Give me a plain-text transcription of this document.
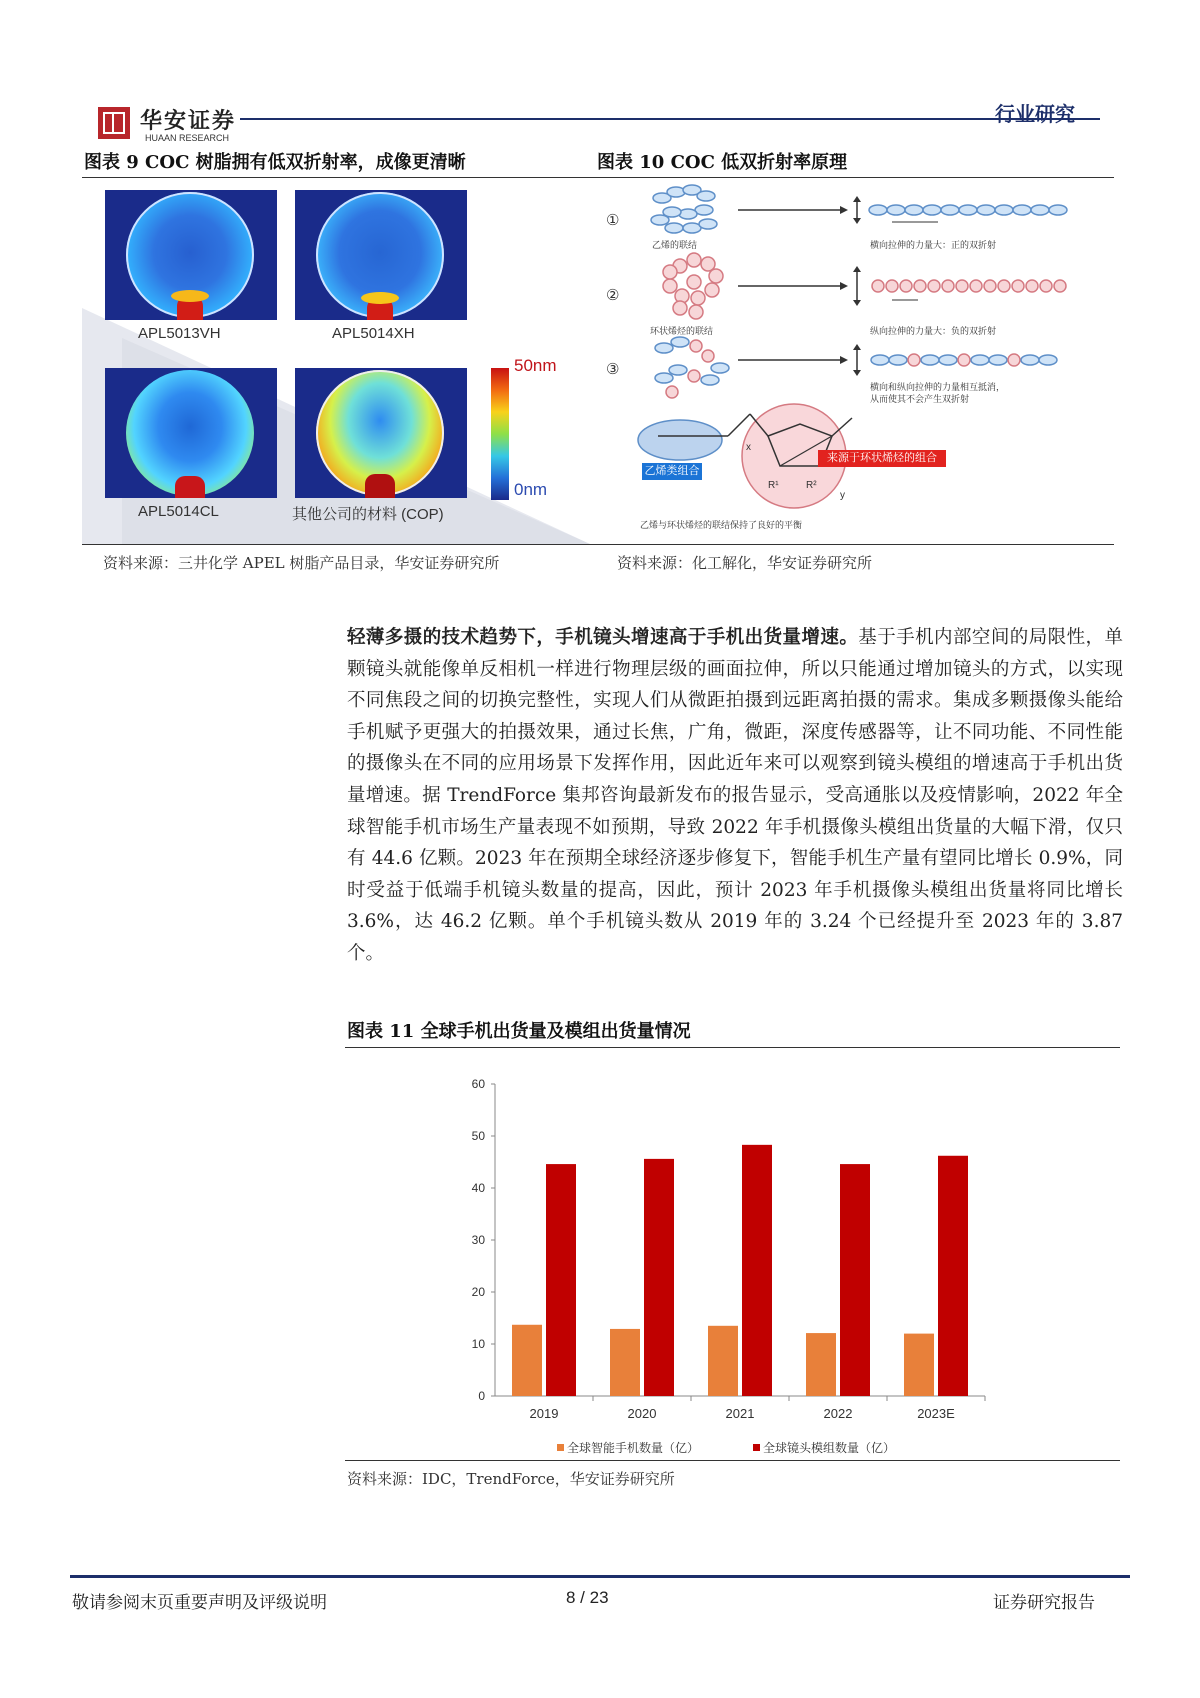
华安证券
HUAAN RESEARCH
行业研究
图表 9 COC 树脂拥有低双折射率，成像更清晰	图表 10 COC 低双折射率原理
APL5013VH	APL5014XH
APL5014CL	其他公司的材料 (COP)
50nm
0nm
x
R¹	R²
y
①
乙烯的联结	横向拉伸的力量大：正的双折射
②
环状烯烃的联结	纵向拉伸的力量大：负的双折射
③
横向和纵向拉伸的力量相互抵消，
从而使其不会产生双折射
乙烯类组合
来源于环状烯烃的组合
乙烯与环状烯烃的联结保持了良好的平衡
资料来源：三井化学 APEL 树脂产品目录，华安证券研究所	资料来源：化工解化，华安证券研究所
轻薄多摄的技术趋势下，手机镜头增速高于手机出货量增速。基于手机内部空间的局限性，单颗镜头就能像单反相机一样进行物理层级的画面拉伸，所以只能通过增加镜头的方式，以实现不同焦段之间的切换完整性，实现人们从微距拍摄到远距离拍摄的需求。集成多颗摄像头能给手机赋予更强大的拍摄效果，通过长焦，广角，微距，深度传感器等，让不同功能、不同性能的摄像头在不同的应用场景下发挥作用，因此近年来可以观察到镜头模组的增速高于手机出货量增速。据 TrendForce 集邦咨询最新发布的报告显示，受高通胀以及疫情影响，2022 年全球智能手机市场生产量表现不如预期，导致 2022 年手机摄像头模组出货量的大幅下滑，仅只有 44.6 亿颗。2023 年在预期全球经济逐步修复下，智能手机生产量有望同比增长 0.9%，同时受益于低端手机镜头数量的提高，因此，预计 2023 年手机摄像头模组出货量将同比增长 3.6%，达 46.2 亿颗。单个手机镜头数从 2019 年的 3.24 个已经提升至 2023 年的 3.87 个。
图表 11 全球手机出货量及模组出货量情况
0
10
20
30
40
50
60
2019	2020	2021	2022	2023E
全球智能手机数量（亿）	全球镜头模组数量（亿）
资料来源：IDC，TrendForce，华安证券研究所
敬请参阅末页重要声明及评级说明	8 / 23	证券研究报告
